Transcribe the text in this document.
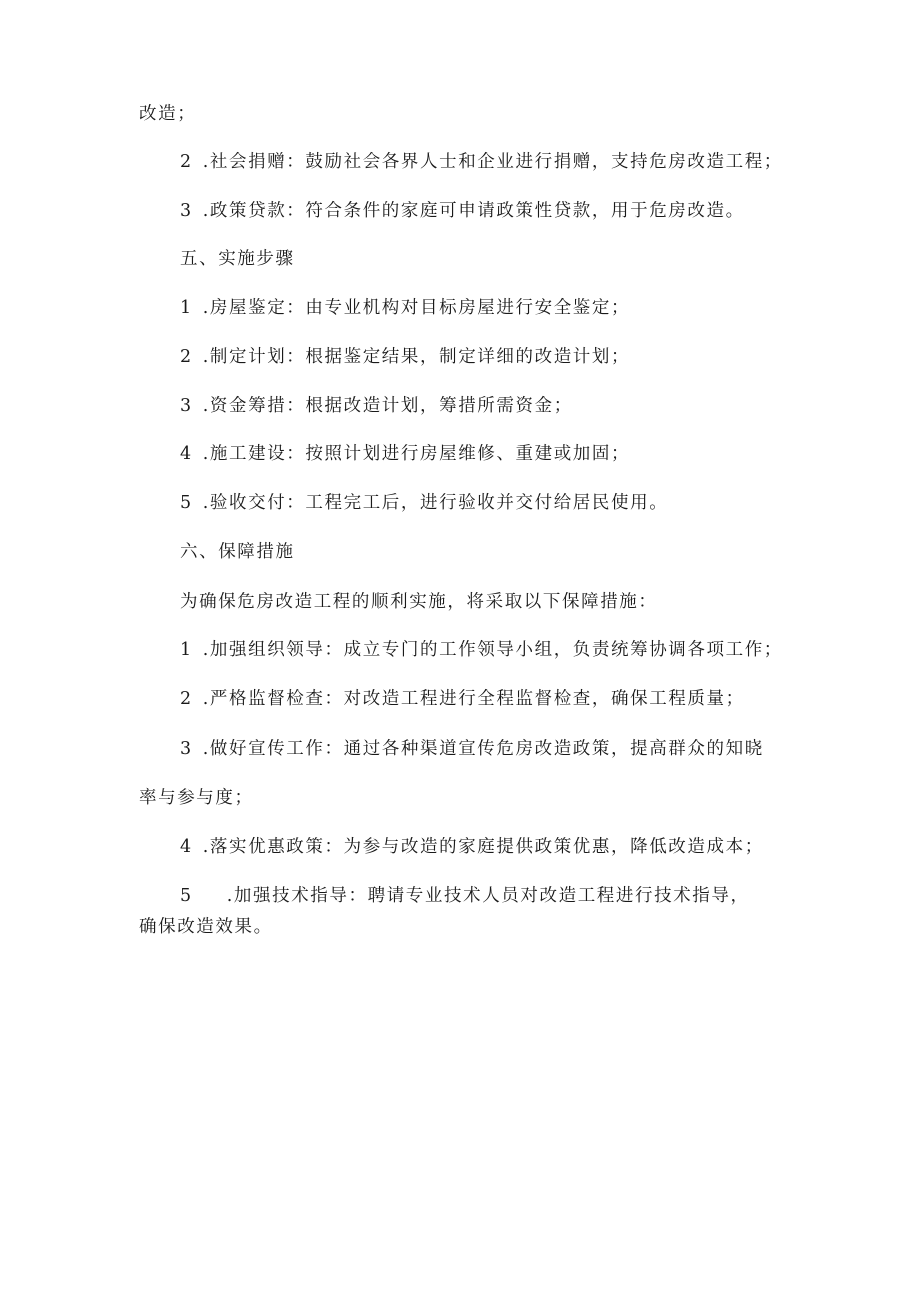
改造；
2 .社会捐赠：鼓励社会各界人士和企业进行捐赠，支持危房改造工程；
3 .政策贷款：符合条件的家庭可申请政策性贷款，用于危房改造。
五、实施步骤
1 .房屋鉴定：由专业机构对目标房屋进行安全鉴定；
2 .制定计划：根据鉴定结果，制定详细的改造计划；
3 .资金筹措：根据改造计划，筹措所需资金；
4 .施工建设：按照计划进行房屋维修、重建或加固；
5 .验收交付：工程完工后，进行验收并交付给居民使用。
六、保障措施
为确保危房改造工程的顺利实施，将采取以下保障措施：
1 .加强组织领导：成立专门的工作领导小组，负责统筹协调各项工作；
2 .严格监督检查：对改造工程进行全程监督检查，确保工程质量；
3 .做好宣传工作：通过各种渠道宣传危房改造政策，提高群众的知晓
率与参与度；
4 .落实优惠政策：为参与改造的家庭提供政策优惠，降低改造成本；
5 .加强技术指导：聘请专业技术人员对改造工程进行技术指导，
确保改造效果。
